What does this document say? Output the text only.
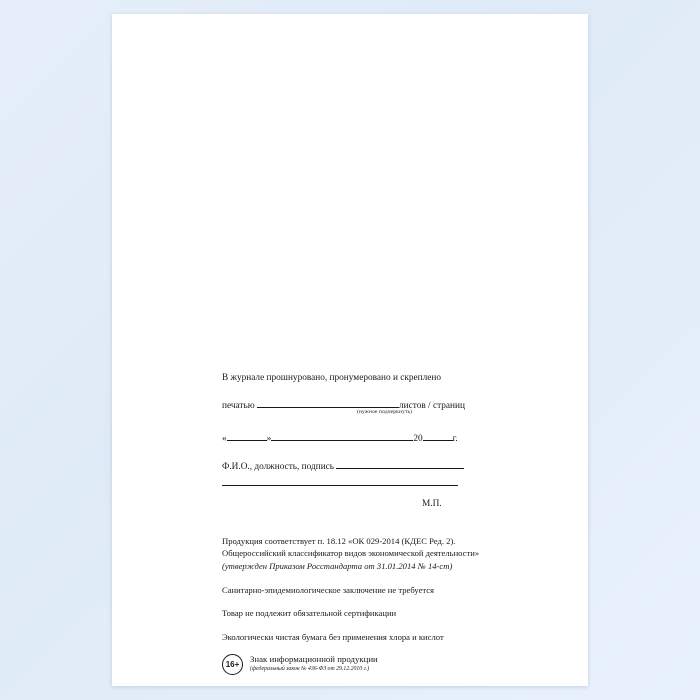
В журнале прошнуровано, пронумеровано и скреплено
печатью	листов / страниц
(нужное подчеркнуть)
«	»	20	г.
Ф.И.О., должность, подпись
М.П.
Продукция соответствует п. 18.12 «ОК 029-2014 (КДЕС Ред. 2).
Общероссийский классификатор видов экономической деятельности»
(утвержден Приказом Росстандарта от 31.01.2014 № 14-ст)
Санитарно-эпидемиологическое заключение не требуется
Товар не подлежит обязательной сертификации
Экологически чистая бумага без применения хлора и кислот
16+	Знак информационной продукции
(федеральный закон № 436-ФЗ от 29.12.2010 г.)
